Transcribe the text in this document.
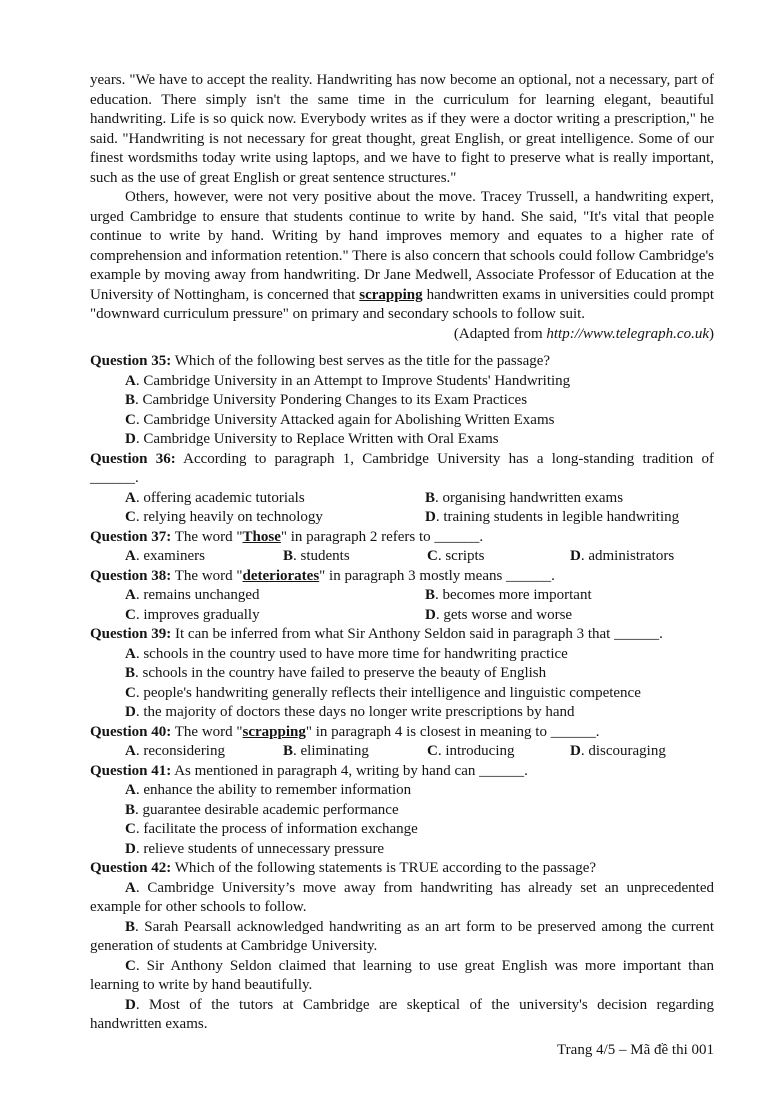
years. "We have to accept the reality. Handwriting has now become an optional, not a necessary, part of education. There simply isn't the same time in the curriculum for learning elegant, beautiful handwriting. Life is so quick now. Everybody writes as if they were a doctor writing a prescription," he said. "Handwriting is not necessary for great thought, great English, or great intelligence. Some of our finest wordsmiths today write using laptops, and we have to fight to preserve what is really important, such as the use of great English or great sentence structures."

Others, however, were not very positive about the move. Tracey Trussell, a handwriting expert, urged Cambridge to ensure that students continue to write by hand. She said, "It's vital that people continue to write by hand. Writing by hand improves memory and equates to a higher rate of comprehension and information retention." There is also concern that schools could follow Cambridge's example by moving away from handwriting. Dr Jane Medwell, Associate Professor of Education at the University of Nottingham, is concerned that scrapping handwritten exams in universities could prompt "downward curriculum pressure" on primary and secondary schools to follow suit.

(Adapted from http://www.telegraph.co.uk)

Question 35: Which of the following best serves as the title for the passage?
A. Cambridge University in an Attempt to Improve Students' Handwriting
B. Cambridge University Pondering Changes to its Exam Practices
C. Cambridge University Attacked again for Abolishing Written Exams
D. Cambridge University to Replace Written with Oral Exams
Question 36: According to paragraph 1, Cambridge University has a long-standing tradition of
______.
A. offering academic tutorials	B. organising handwritten exams
C. relying heavily on technology	D. training students in legible handwriting
Question 37: The word "Those" in paragraph 2 refers to ______.
A. examiners	B. students	C. scripts	D. administrators
Question 38: The word "deteriorates" in paragraph 3 mostly means ______.
A. remains unchanged	B. becomes more important
C. improves gradually	D. gets worse and worse
Question 39: It can be inferred from what Sir Anthony Seldon said in paragraph 3 that ______.
A. schools in the country used to have more time for handwriting practice
B. schools in the country have failed to preserve the beauty of English
C. people's handwriting generally reflects their intelligence and linguistic competence
D. the majority of doctors these days no longer write prescriptions by hand
Question 40: The word "scrapping" in paragraph 4 is closest in meaning to ______.
A. reconsidering	B. eliminating	C. introducing	D. discouraging
Question 41: As mentioned in paragraph 4, writing by hand can ______.
A. enhance the ability to remember information
B. guarantee desirable academic performance
C. facilitate the process of information exchange
D. relieve students of unnecessary pressure
Question 42: Which of the following statements is TRUE according to the passage?

A. Cambridge University’s move away from handwriting has already set an unprecedented example for other schools to follow.

B. Sarah Pearsall acknowledged handwriting as an art form to be preserved among the current generation of students at Cambridge University.

C. Sir Anthony Seldon claimed that learning to use great English was more important than learning to write by hand beautifully.

D. Most of the tutors at Cambridge are skeptical of the university's decision regarding handwritten exams.

Trang 4/5 – Mã đề thi 001
